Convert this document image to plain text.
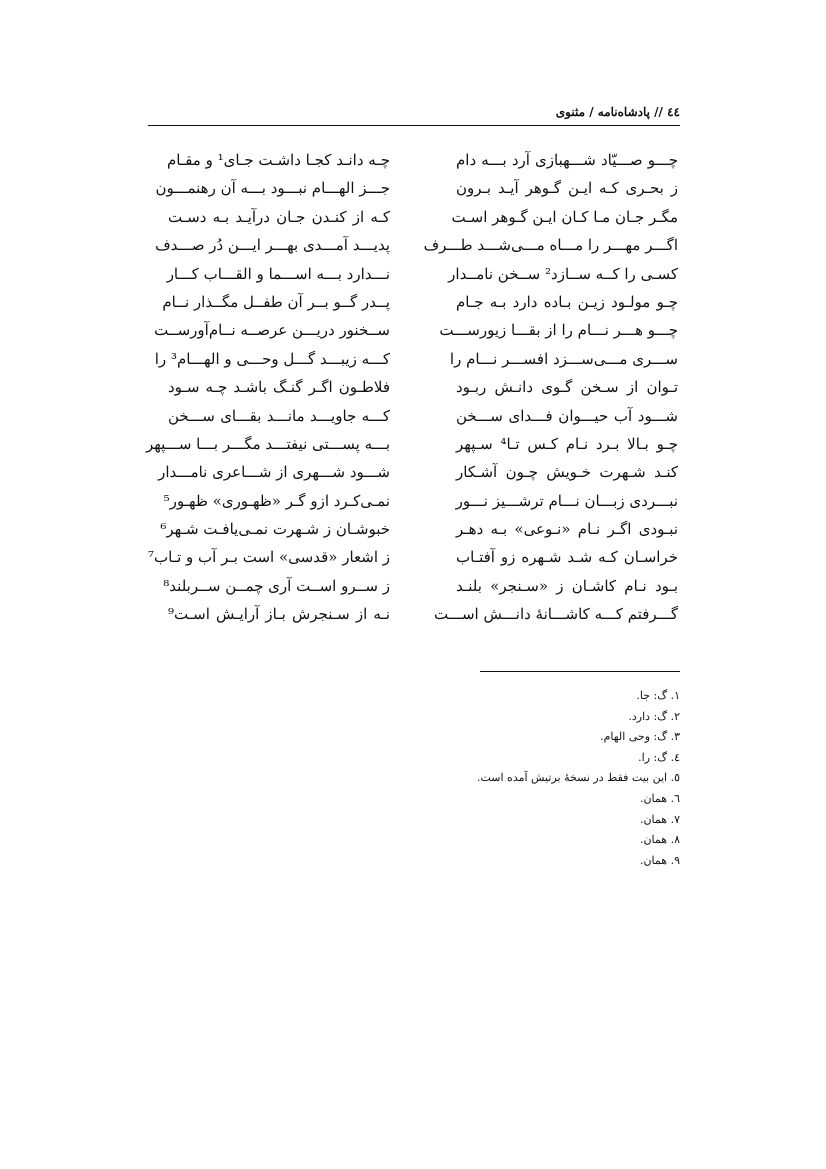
٤٤ // پادشاه‌نامه / مثنوی
چـــو صـــیّاد شـــهبازی آرد بـــه دام
ز بحـری کـه ایـن گـوهر آیـد بـرون
مگـر جـان مـا کـان ایـن گـوهر اسـت
اگـــر مهـــر را مـــاه مـــی‌شـــد طـــرف
کسـی را کــه ســازد² ســخن نامــدار
چـو مولـود زیـن بـاده دارد بـه جـام
چـــو هـــر نـــام را از بقـــا زیورســـت
ســـری مـــی‌ســـزد افســـر نـــام را
تـوان از سـخن گـوی دانـش ربـود
شـــود آب حیـــوان فـــدای ســـخن
چـو بـالا بـرد نـام کـس تـا⁴ سـپهر
کنـد شـهرت خـویش چـون آشـکار
نبـــردی زبـــان نـــام ترشـــیز نـــور
نبـودی اگـر نـام «نـوعی» بـه دهـر
خراسـان کـه شـد شـهره زو آفتـاب
بـود نـام کاشـان ز «سـنجر» بلنـد
گـــرفتم کـــه کاشـــانهٔ دانـــش اســـت
چـه دانـد کجـا داشـت جـای¹ و مقـام
جـــز الهـــام نبـــود بـــه آن رهنمـــون
کـه از کنـدن جـان درآیـد بـه دسـت
پدیـــد آمـــدی بهـــر ایـــن دُر صـــدف
نـــدارد بـــه اســـما و القـــاب کـــار
پــدر گــو بــر آن طفــل مگــذار نــام
ســخنور دریـــن عرصــه نــام‌آورســت
کـــه زیبـــد گـــل وحـــی و الهـــام³ را
فلاطـون اگـر گنـگ باشـد چـه سـود
کـــه جاویـــد مانـــد بقـــای ســـخن
بـــه پســـتی نیفتـــد مگـــر بـــا ســـپهر
شـــود شـــهری از شـــاعری نامـــدار
نمـی‌کـرد ازو گـر «ظهـوری» ظهـور⁵
خبوشـان ز شـهرت نمـی‌یافـت شـهر⁶
ز اشعار «قدسی» است بـر آب و تـاب⁷
ز ســرو اســت آری چمــن ســربلند⁸
نـه از سـنجرش بـاز آرایـش اسـت⁹
١. گ: جا.
٢. گ: دارد.
٣. گ: وحی الهام.
٤. گ: را.
٥. این بیت فقط در نسخهٔ برتیش آمده است.
٦. همان.
٧. همان.
٨. همان.
٩. همان.
